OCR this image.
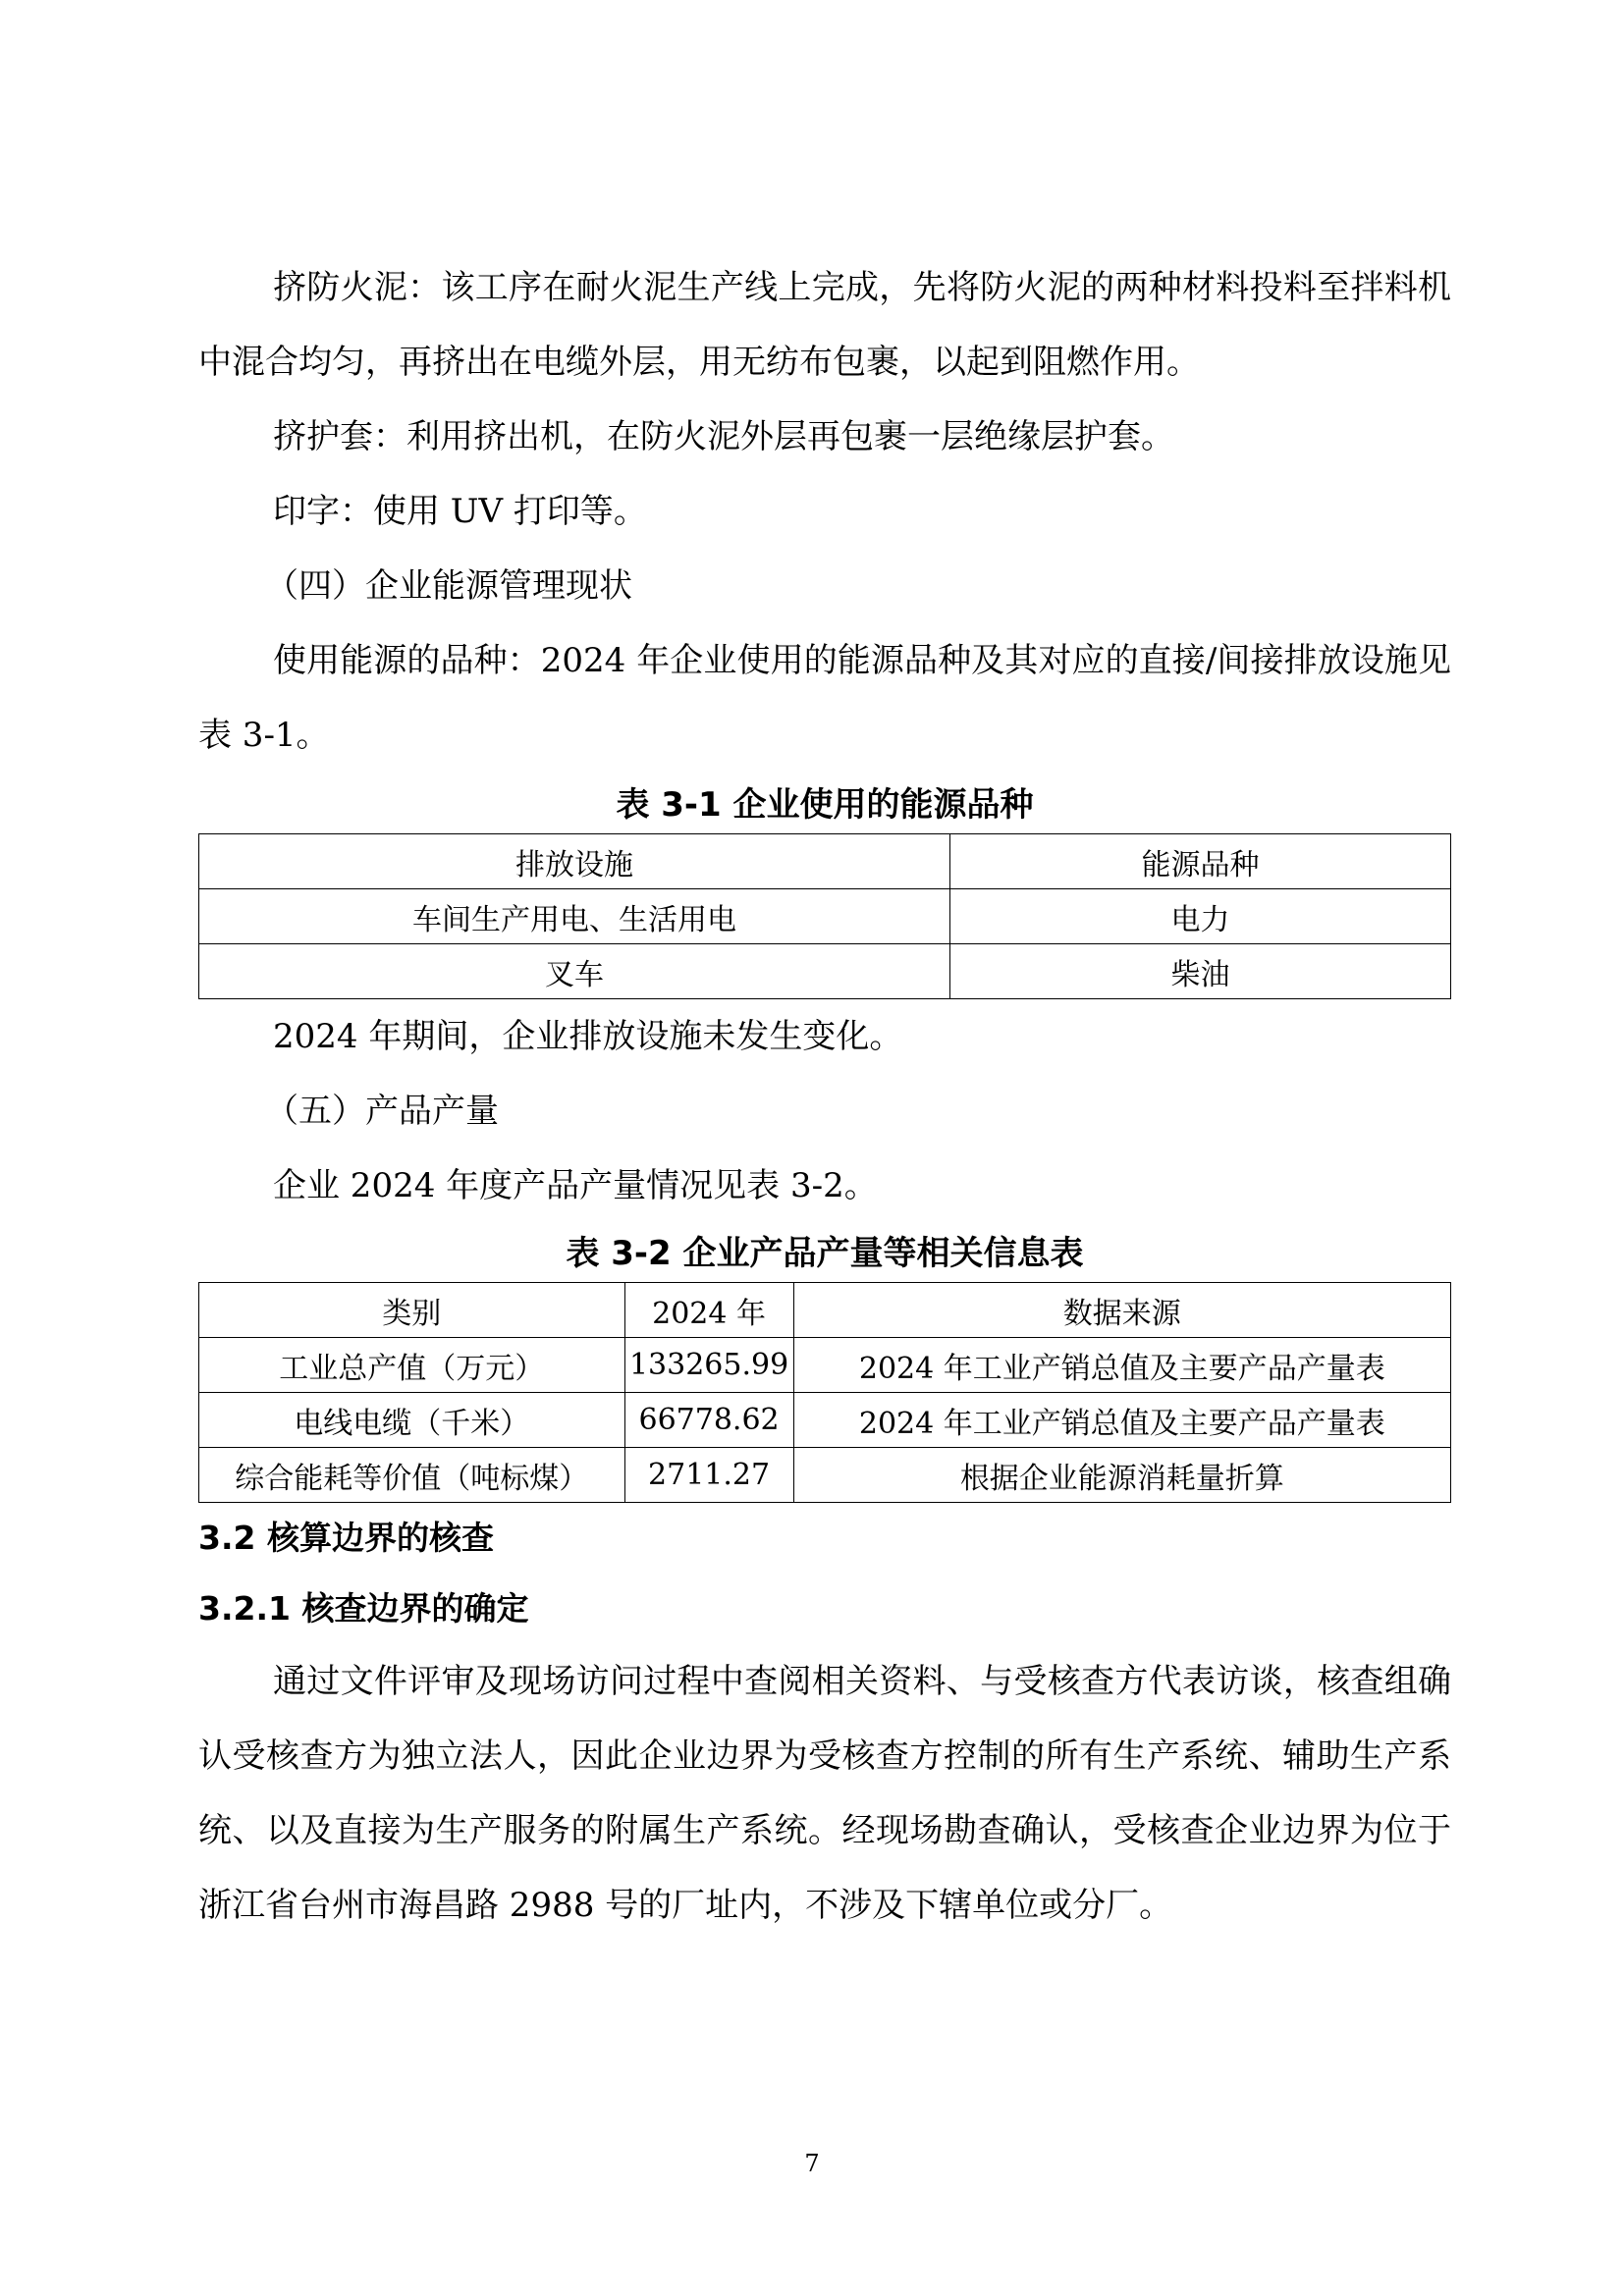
挤防火泥：该工序在耐火泥生产线上完成，先将防火泥的两种材料投料至拌料机中混合均匀，再挤出在电缆外层，用无纺布包裹，以起到阻燃作用。

挤护套：利用挤出机，在防火泥外层再包裹一层绝缘层护套。

印字：使用 UV 打印等。

（四）企业能源管理现状

使用能源的品种：2024 年企业使用的能源品种及其对应的直接/间接排放设施见表 3-1。

表 3-1 企业使用的能源品种

排放设施	能源品种
车间生产用电、生活用电	电力
叉车	柴油

2024 年期间，企业排放设施未发生变化。

（五）产品产量

企业 2024 年度产品产量情况见表 3-2。

表 3-2 企业产品产量等相关信息表

类别	2024 年	数据来源
工业总产值（万元）	133265.99	2024 年工业产销总值及主要产品产量表
电线电缆（千米）	66778.62	2024 年工业产销总值及主要产品产量表
综合能耗等价值（吨标煤）	2711.27	根据企业能源消耗量折算

3.2 核算边界的核查

3.2.1 核查边界的确定

通过文件评审及现场访问过程中查阅相关资料、与受核查方代表访谈，核查组确认受核查方为独立法人，因此企业边界为受核查方控制的所有生产系统、辅助生产系统、以及直接为生产服务的附属生产系统。经现场勘查确认，受核查企业边界为位于浙江省台州市海昌路 2988 号的厂址内，不涉及下辖单位或分厂。

7
